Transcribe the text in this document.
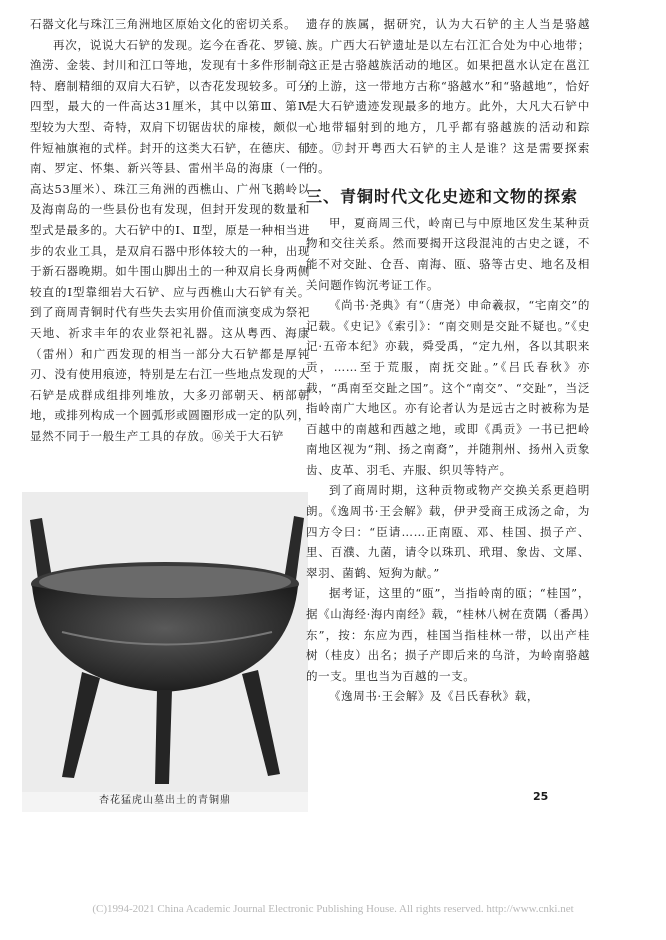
石器文化与珠江三角洲地区原始文化的密切关系。

再次，说说大石铲的发现。迄今在香花、罗镜、渔涝、金装、封川和江口等地，发现有十多件形制奇特、磨制精细的双肩大石铲，以杏花发现较多。可分四型，最大的一件高达31厘米，其中以第Ⅲ、第Ⅳ型较为大型、奇特，双肩下切锯齿状的扉棱，颇似一件短袖旗袍的式样。封开的这类大石铲，在德庆、郁南、罗定、怀集、新兴等县、雷州半岛的海康（一件高达53厘米）、珠江三角洲的西樵山、广州飞鹅岭以及海南岛的一些县份也有发现，但封开发现的数量和型式是最多的。大石铲中的Ⅰ、Ⅱ型，原是一种相当进步的农业工具，是双肩石器中形体较大的一种，出现于新石器晚期。如牛围山脚出土的一种双肩长身两侧较直的Ⅰ型靠细岩大石铲、应与西樵山大石铲有关。到了商周青铜时代有些失去实用价值而演变成为祭祀天地、祈求丰年的农业祭祀礼器。这从粤西、海康（雷州）和广西发现的相当一部分大石铲都是厚钝刃、没有使用痕迹，特别是左右江一些地点发现的大石铲是成群成组排列堆放，大多刃部朝天、柄部朝地，或排列构成一个圆弧形或圆圈形成一定的队列，显然不同于一般生产工具的存放。⑯关于大石铲

杏花猛虎山墓出土的青铜鼎

遗存的族属，据研究，认为大石铲的主人当是骆越族。广西大石铲遗址是以左右江汇合处为中心地带；这正是古骆越族活动的地区。如果把邕水认定在邕江的上游，这一带地方古称“骆越水”和“骆越地”，恰好是大石铲遗迹发现最多的地方。此外，大凡大石铲中心地带辐射到的地方，几乎都有骆越族的活动和踪迹。⑰封开粤西大石铲的主人是谁？这是需要探索的。

三、青铜时代文化史迹和文物的探索

甲，夏商周三代，岭南已与中原地区发生某种贡物和交往关系。然而要揭开这段混沌的古史之谜，不能不对交趾、仓吾、南海、瓯、骆等古史、地名及相关问题作钩沉考证工作。

《尚书·尧典》有“（唐尧）申命羲叔，“宅南交”的记载。《史记》《索引》：“南交则是交趾不疑也。”《史记·五帝本纪》亦载，舜受禹，“定九州，各以其职来贡，……至于荒服，南抚交趾。”《吕氏春秋》亦载，“禹南至交趾之国”。这个“南交”、“交趾”，当泛指岭南广大地区。亦有论者认为是远古之时被称为是百越中的南越和西越之地，或即《禹贡》一书已把岭南地区视为“荆、扬之南裔”，并随荆州、扬州入贡象齿、皮革、羽毛、卉服、织贝等特产。

到了商周时期，这种贡物或物产交换关系更趋明朗。《逸周书·王会解》载，伊尹受商王成汤之命，为四方令曰：“臣请……正南瓯、邓、桂国、损子产、里、百濮、九菌，请令以珠玑、玳瑁、象齿、文犀、翠羽、菌鹤、短狗为献。”

据考证，这里的“瓯”，当指岭南的瓯；“桂国”，据《山海经·海内南经》载，“桂林八树在贲隅（番禺）东”，按：东应为西，桂国当指桂林一带，以出产桂树（桂皮）出名；损子产即后来的乌浒，为岭南骆越的一支。里也当为百越的一支。

《逸周书·王会解》及《吕氏春秋》载，

25
(C)1994-2021 China Academic Journal Electronic Publishing House. All rights reserved. http://www.cnki.net
